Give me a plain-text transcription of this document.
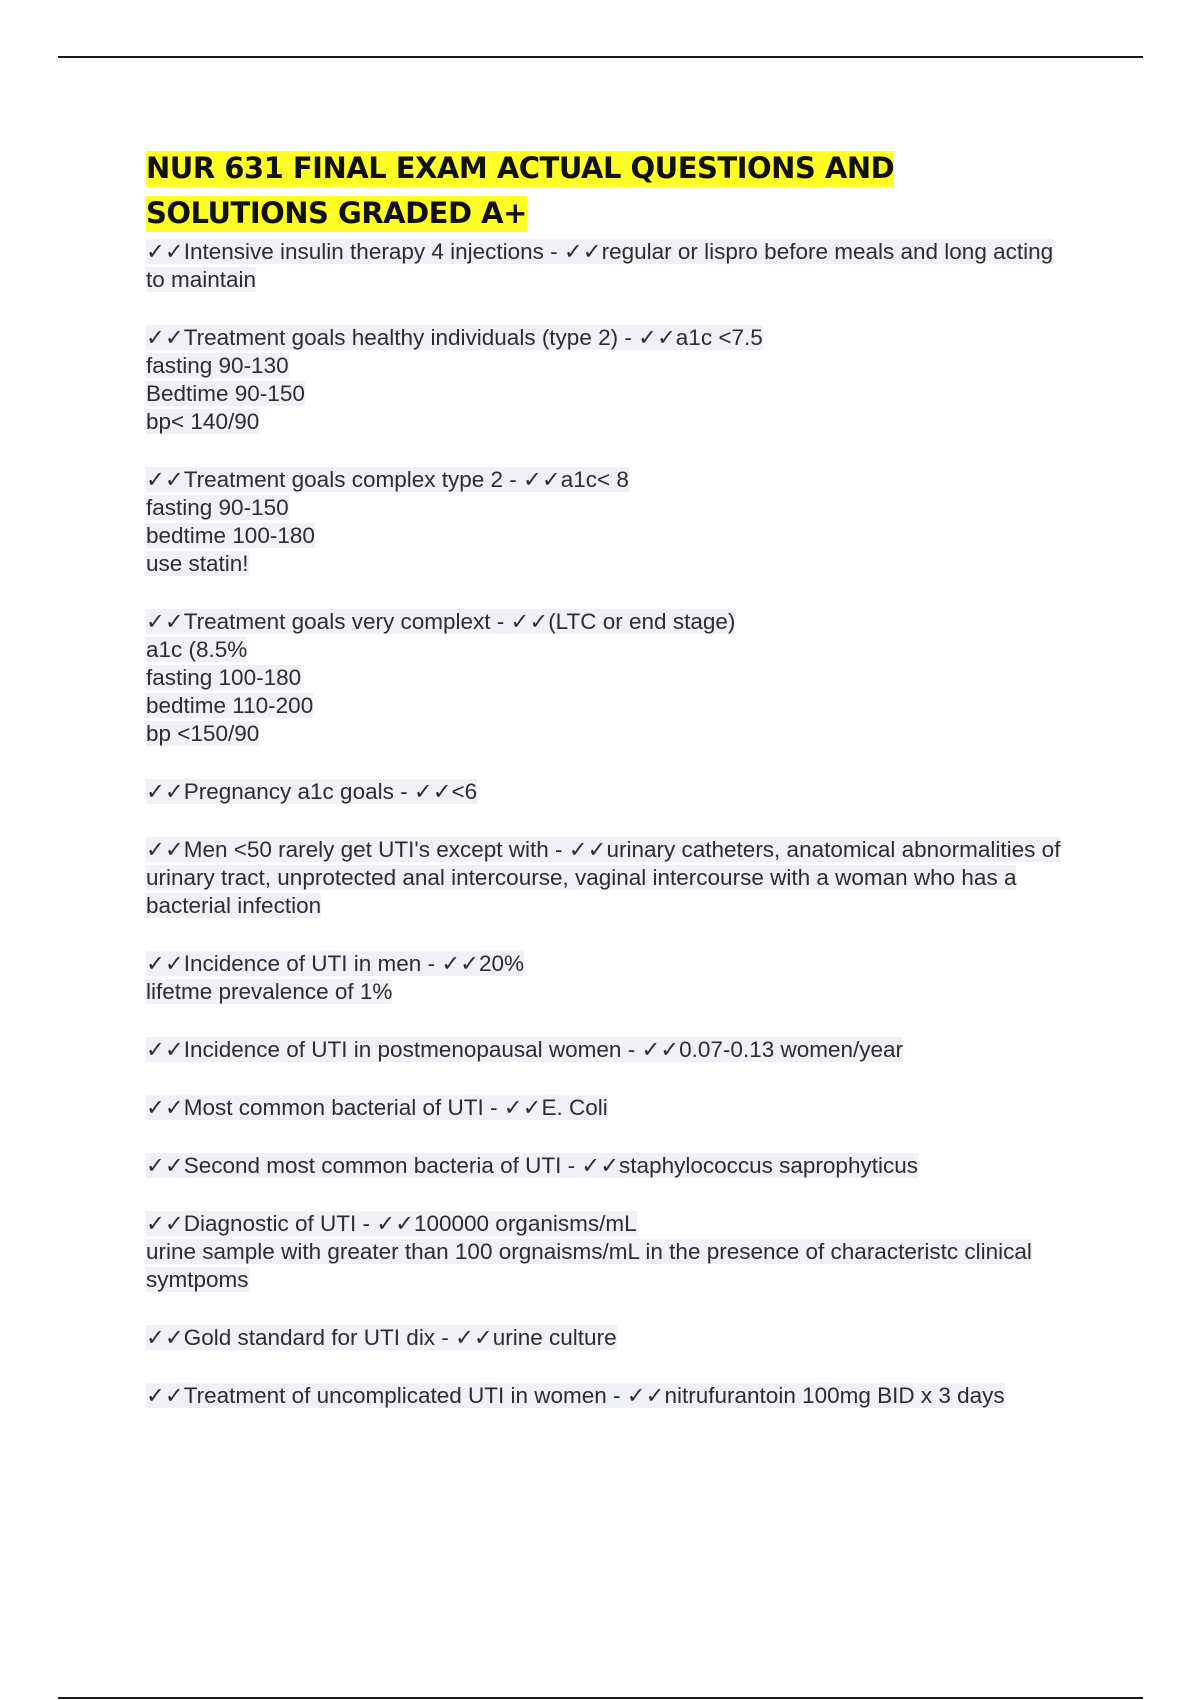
NUR 631 FINAL EXAM ACTUAL QUESTIONS AND SOLUTIONS GRADED A+
✓✓Intensive insulin therapy 4 injections - ✓✓regular or lispro before meals and long acting to maintain
✓✓Treatment goals healthy individuals (type 2) - ✓✓a1c <7.5
fasting 90-130
Bedtime 90-150
bp< 140/90
✓✓Treatment goals complex type 2 - ✓✓a1c< 8
fasting 90-150
bedtime 100-180
use statin!
✓✓Treatment goals very complext - ✓✓(LTC or end stage)
a1c (8.5%
fasting 100-180
bedtime 110-200
bp <150/90
✓✓Pregnancy a1c goals - ✓✓<6
✓✓Men <50 rarely get UTI's except with - ✓✓urinary catheters, anatomical abnormalities of urinary tract, unprotected anal intercourse, vaginal intercourse with a woman who has a bacterial infection
✓✓Incidence of UTI in men - ✓✓20%
lifetme prevalence of 1%
✓✓Incidence of UTI in postmenopausal women - ✓✓0.07-0.13 women/year
✓✓Most common bacterial of UTI - ✓✓E. Coli
✓✓Second most common bacteria of UTI - ✓✓staphylococcus saprophyticus
✓✓Diagnostic of UTI - ✓✓100000 organisms/mL
urine sample with greater than 100 orgnaisms/mL in the presence of characteristc clinical symtpoms
✓✓Gold standard for UTI dix - ✓✓urine culture
✓✓Treatment of uncomplicated UTI in women - ✓✓nitrufurantoin 100mg BID x 3 days
